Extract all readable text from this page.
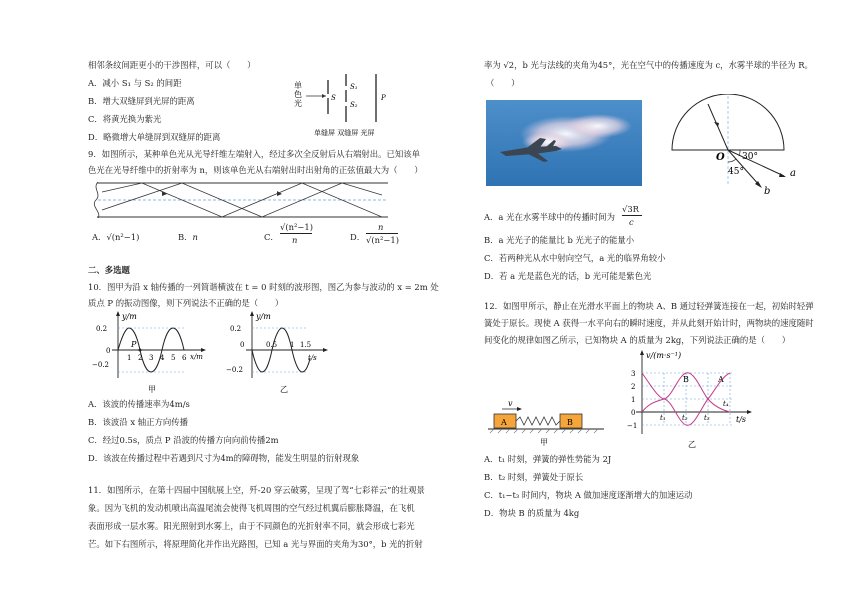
相邻条纹间距更小的干涉图样，可以（　　）
A．减小 S₁ 与 S₂ 的间距
B．增大双缝屏到光屏的距离
C．将黄光换为紫光
D．略微增大单缝屏到双缝屏的距离
单
色
光
S
S₁
S₂
P
单缝屏 双缝屏 光屏
9．如图所示，某种单色光从光导纤维左端射入，经过多次全反射后从右端射出。已知该单
色光在光导纤维中的折射率为 n，则该单色光从右端射出时出射角的正弦值最大为（　　）
A．√(n²−1)	B．n	C．
√(n²−1)
n	D．
n
√(n²−1)
二、多选题
10．图甲为沿 x 轴传播的一列简谐横波在 t = 0 时刻的波形图，图乙为参与波动的 x = 2m 处
质点 P 的振动图像，则下列说法不正确的是（　　）
y/m
x/m
0.2
0
−0.2
P
1 2 3 4 5 6
甲
y/m
t/s
0.2
0
−0.2
0.5 1 1.5
乙
A．该波的传播速率为4m/s
B．该波沿 x 轴正方向传播
C．经过0.5s，质点 P 沿波的传播方向向前传播2m
D．该波在传播过程中若遇到尺寸为4m的障碍物，能发生明显的衍射现象
11．如图所示，在第十四届中国航展上空，歼-20 穿云破雾，呈现了驾“七彩祥云”的壮观景
象。因为飞机的发动机喷出高温尾流会使得飞机周围的空气经过机翼后膨胀降温，在飞机
表面形成一层水雾。阳光照射到水雾上，由于不同颜色的光折射率不同，就会形成七彩光
芒。如下右图所示，将原理简化并作出光路图，已知 a 光与界面的夹角为30°，b 光的折射
率为 √2，b 光与法线的夹角为45°，光在空气中的传播速度为 c，水雾半球的半径为 R。
（　　）
O 30°
45°	a
b
A．a 光在水雾半球中的传播时间为
√3R
c
B．a 光光子的能量比 b 光光子的能量小
C．若两种光从水中射向空气，a 光的临界角较小
D．若 a 光是蓝色光的话，b 光可能是紫色光
12．如图甲所示，静止在光滑水平面上的物块 A、B 通过轻弹簧连接在一起，初始时轻弹
簧处于原长。现使 A 获得一水平向右的瞬时速度，并从此刻开始计时，两物块的速度随时
间变化的规律如图乙所示，已知物块 A 的质量为 2kg，下列说法正确的是（　　）
v
A	B
甲
v/(m·s⁻¹)
t/s
3
2
1
0
−1
B	A
t₁ t₂ t₃
t₄
乙
A．t₁ 时刻，弹簧的弹性势能为 2J
B．t₂ 时刻，弹簧处于原长
C．t₁−t₃ 时间内，物块 A 做加速度逐渐增大的加速运动
D．物块 B 的质量为 4kg
